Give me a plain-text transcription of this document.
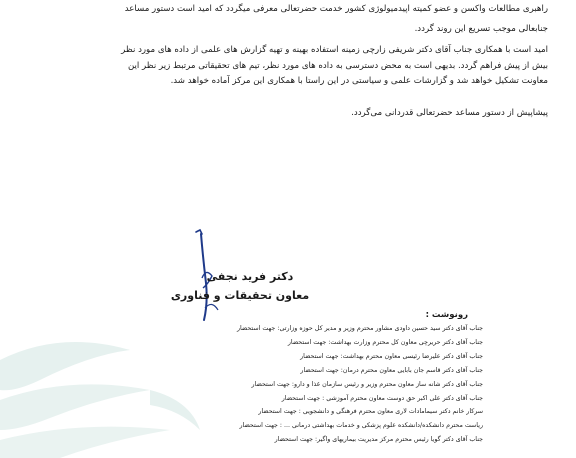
راهبری مطالعات واکسن و عضو کمیته اپیدمیولوژی کشور خدمت حضرتعالی معرفی میگردد که امید است دستور مساعد
جنابعالی موجب تسریع این روند گردد.
امید است با همکاری جناب آقای دکتر شریفی زارچی زمینه استفاده بهینه و تهیه گزارش های علمی از داده های مورد نظر
بیش از پیش فراهم گردد. بدیهی است به محض دسترسی به داده های مورد نظر، تیم های تحقیقاتی مرتبط زیر نظر این
معاونت تشکیل خواهد شد و گزارشات علمی و سیاستی در این راستا با همکاری این مرکز آماده خواهد شد.
پیشاپیش از دستور مساعد حضرتعالی قدردانی می‌گردد.
دکتر فرید نجفی
معاون تحقیقات و فناوری
رونوشت :
جناب آقای دکتر سید حسین داودی مشاور محترم وزیر و مدیر کل حوزه وزارتی: جهت استحضار
جناب آقای دکتر حریرچی معاون کل محترم وزارت بهداشت: جهت استحضار
جناب آقای دکتر علیرضا رئیسی معاون محترم بهداشت: جهت استحضار
جناب آقای دکتر قاسم جان بابایی معاون محترم درمان: جهت استحضار
جناب آقای دکتر شانه ساز معاون محترم وزیر و رئیس سازمان غذا و دارو: جهت استحضار
جناب آقای دکتر علی اکبر حق دوست معاون محترم آموزشی : جهت استحضار
سرکار خانم دکتر سیمامادات لاری معاون محترم فرهنگی و دانشجویی : جهت استحضار
ریاست محترم دانشکده/دانشکده علوم پزشکی و خدمات بهداشتی درمانی ... : جهت استحضار
جناب آقای دکتر گویا رئیس محترم مرکز مدیریت بیماریهای واگیر: جهت استحضار
